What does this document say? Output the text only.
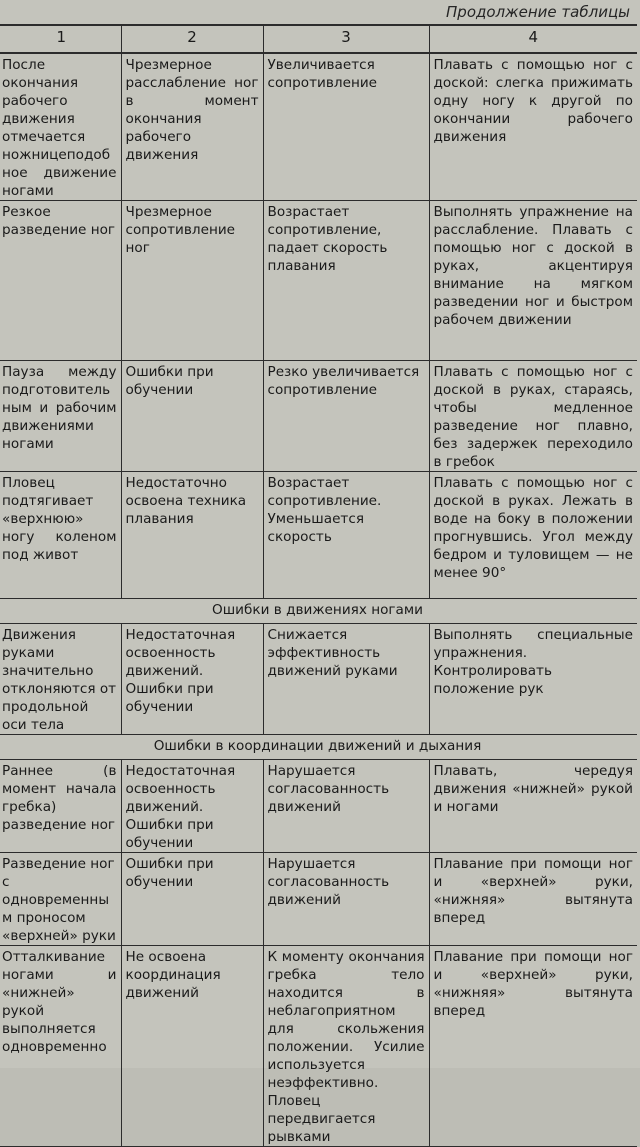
Продолжение таблицы
1	2	3	4
После окончания рабочего движения отмечается ножницеподобное движение ногами	Чрезмерное расслабление ног в момент окончания рабочего движения	Увеличивается сопротивление	Плавать с помощью ног с доской: слегка прижимать одну ногу к другой по окончании рабочего движения
Резкое разведение ног	Чрезмерное сопротивление ног	Возрастает сопротивление, падает скорость плавания	Выполнять упражнение на расслабление. Плавать с помощью ног с доской в руках, акцентируя внимание на мягком разведении ног и быстром рабочем движении
Пауза между подготовительным и рабочим движениями ногами	Ошибки при обучении	Резко увеличивается сопротивление	Плавать с помощью ног с доской в руках, стараясь, чтобы медленное разведение ног плавно, без задержек переходило в гребок
Пловец подтягивает «верхнюю» ногу коленом под живот	Недостаточно освоена техника плавания	Возрастает сопротивление. Уменьшается скорость	Плавать с помощью ног с доской в руках. Лежать в воде на боку в положении прогнувшись. Угол между бедром и туловищем — не менее 90°
Ошибки в движениях ногами			
Движения руками значительно отклоняются от продольной оси тела	Недостаточная освоенность движений. Ошибки при обучении	Снижается эффективность движений руками	Выполнять специальные упражнения. Контролировать положение рук
Ошибки в координации движений и дыхания			
Раннее (в момент начала гребка) разведение ног	Недостаточная освоенность движений. Ошибки при обучении	Нарушается согласованность движений	Плавать, чередуя движения «нижней» рукой и ногами
Разведение ног с одновременным проносом «верхней» руки	Ошибки при обучении	Нарушается согласованность движений	Плавание при помощи ног и «верхней» руки, «нижняя» вытянута вперед
Отталкивание ногами и «нижней» рукой выполняется одновременно	Не освоена координация движений	К моменту окончания гребка тело находится в неблагоприятном для скольжения положении. Усилие используется неэффективно. Пловец передвигается рывками	Плавание при помощи ног и «верхней» руки, «нижняя» вытянута вперед
